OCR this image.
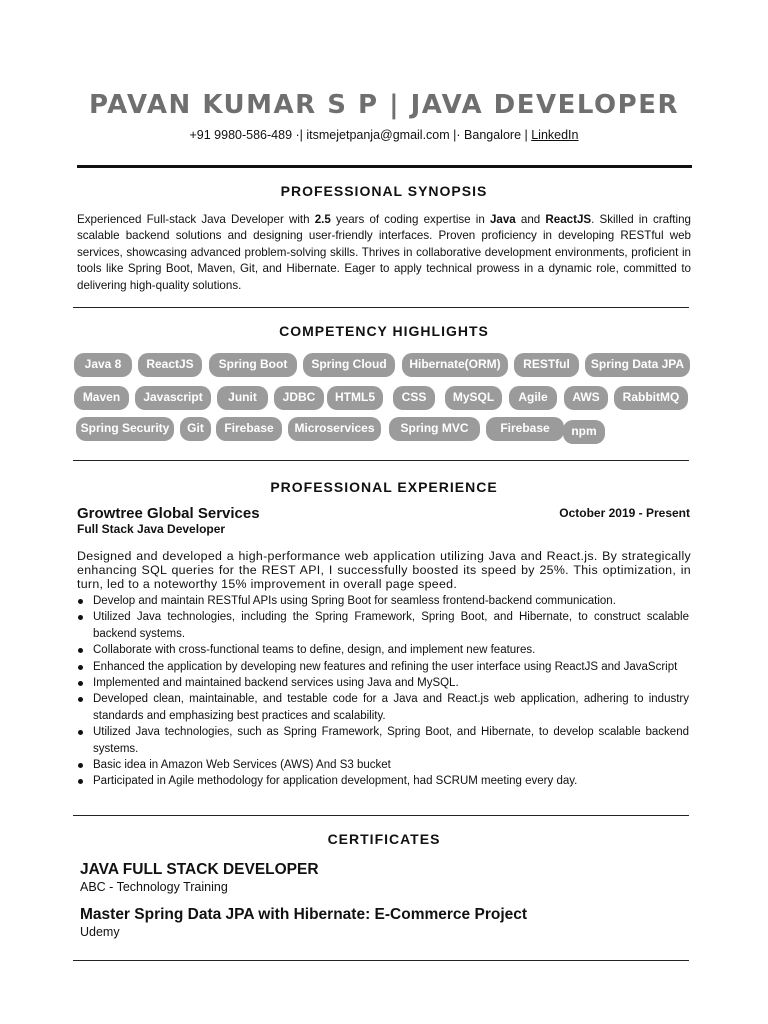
PAVAN KUMAR S P | JAVA DEVELOPER
+91 9980-586-489 ·| itsmejetpanja@gmail.com |· Bangalore | LinkedIn
PROFESSIONAL SYNOPSIS
Experienced Full-stack Java Developer with 2.5 years of coding expertise in Java and ReactJS. Skilled in crafting scalable backend solutions and designing user-friendly interfaces. Proven proficiency in developing RESTful web services, showcasing advanced problem-solving skills. Thrives in collaborative development environments, proficient in tools like Spring Boot, Maven, Git, and Hibernate. Eager to apply technical prowess in a dynamic role, committed to delivering high-quality solutions.
COMPETENCY HIGHLIGHTS
Java 8	ReactJS	Spring Boot	Spring Cloud	Hibernate(ORM)	RESTful	Spring Data JPA
Maven	Javascript	Junit	JDBC	HTML5	CSS	MySQL	Agile	AWS	RabbitMQ
Spring Security	Git	Firebase	Microservices	Spring MVC	Firebase	npm
PROFESSIONAL EXPERIENCE
Growtree Global Services	October 2019 - Present
Full Stack Java Developer
Designed and developed a high-performance web application utilizing Java and React.js. By strategically enhancing SQL queries for the REST API, I successfully boosted its speed by 25%. This optimization, in turn, led to a noteworthy 15% improvement in overall page speed.
Develop and maintain RESTful APIs using Spring Boot for seamless frontend-backend communication.
Utilized Java technologies, including the Spring Framework, Spring Boot, and Hibernate, to construct scalable backend systems.
Collaborate with cross-functional teams to define, design, and implement new features.
Enhanced the application by developing new features and refining the user interface using ReactJS and JavaScript
Implemented and maintained backend services using Java and MySQL.
Developed clean, maintainable, and testable code for a Java and React.js web application, adhering to industry standards and emphasizing best practices and scalability.
Utilized Java technologies, such as Spring Framework, Spring Boot, and Hibernate, to develop scalable backend systems.
Basic idea in Amazon Web Services (AWS) And S3 bucket
Participated in Agile methodology for application development, had SCRUM meeting every day.
CERTIFICATES
JAVA FULL STACK DEVELOPER
ABC - Technology Training
Master Spring Data JPA with Hibernate: E-Commerce Project
Udemy
